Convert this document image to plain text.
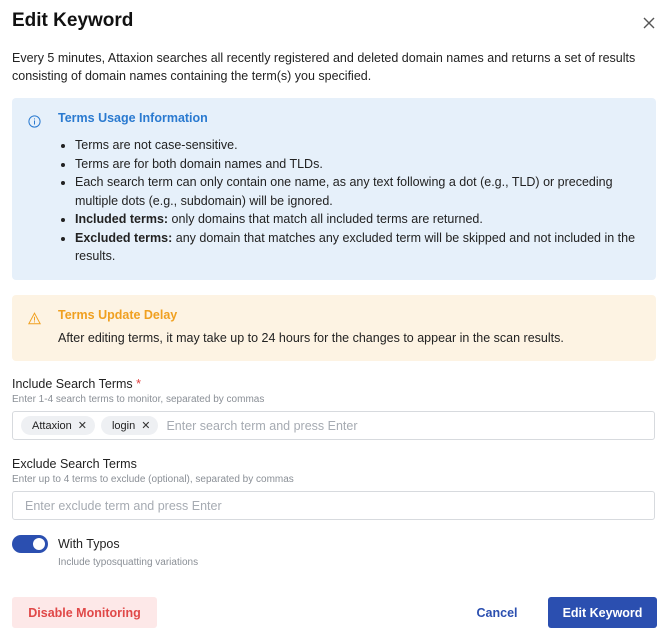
Edit Keyword
Every 5 minutes, Attaxion searches all recently registered and deleted domain names and returns a set of results consisting of domain names containing the term(s) you specified.
Terms Usage Information
• Terms are not case-sensitive.
• Terms are for both domain names and TLDs.
• Each search term can only contain one name, as any text following a dot (e.g., TLD) or preceding multiple dots (e.g., subdomain) will be ignored.
• Included terms: only domains that match all included terms are returned.
• Excluded terms: any domain that matches any excluded term will be skipped and not included in the results.
Terms Update Delay
After editing terms, it may take up to 24 hours for the changes to appear in the scan results.
Include Search Terms *
Enter 1-4 search terms to monitor, separated by commas
Attaxion ✕ login ✕
Enter search term and press Enter
Exclude Search Terms
Enter up to 4 terms to exclude (optional), separated by commas
Enter exclude term and press Enter
With Typos
Include typosquatting variations
Disable Monitoring	Cancel	Edit Keyword
